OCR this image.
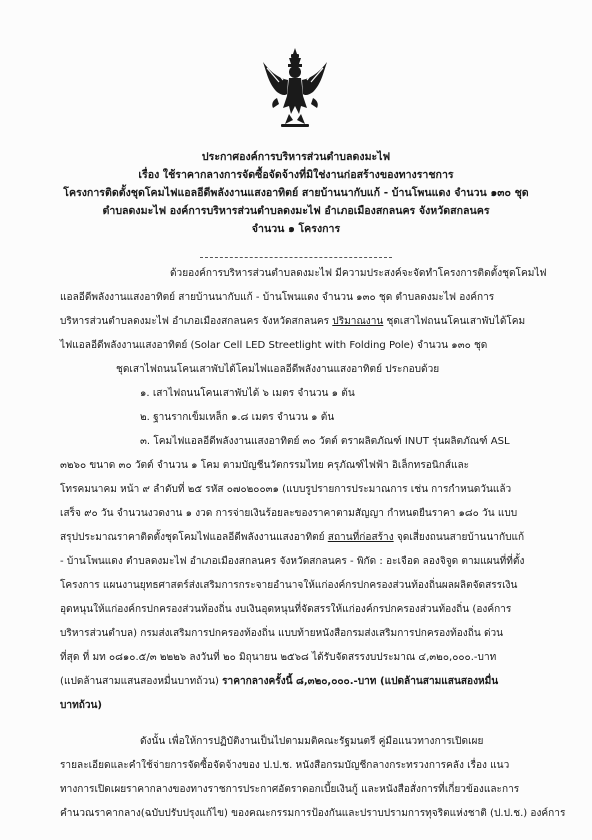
ประกาศองค์การบริหารส่วนตำบลดงมะไฟ
เรื่อง ใช้ราคากลางการจัดซื้อจัดจ้างที่มิใช่งานก่อสร้างของทางราชการ
โครงการติดตั้งชุดโคมไฟแอลอีดีพลังงานแสงอาทิตย์ สายบ้านนากับแก้ - บ้านโพนแดง จำนวน ๑๓๐ ชุด
ตำบลดงมะไฟ องค์การบริหารส่วนตำบลดงมะไฟ อำเภอเมืองสกลนคร จังหวัดสกลนคร
จำนวน ๑ โครงการ
ด้วยองค์การบริหารส่วนตำบลดงมะไฟ มีความประสงค์จะจัดทำโครงการติดตั้งชุดโคมไฟ
แอลอีดีพลังงานแสงอาทิตย์ สายบ้านนากับแก้ - บ้านโพนแดง จำนวน ๑๓๐ ชุด ตำบลดงมะไฟ องค์การ
บริหารส่วนตำบลดงมะไฟ อำเภอเมืองสกลนคร จังหวัดสกลนคร ปริมาณงาน ชุดเสาไฟถนนโคนเสาพับได้โคม
ไฟแอลอีดีพลังงานแสงอาทิตย์ (Solar Cell LED Streetlight with Folding Pole) จำนวน ๑๓๐ ชุด
ชุดเสาไฟถนนโคนเสาพับได้โคมไฟแอลอีดีพลังงานแสงอาทิตย์ ประกอบด้วย
๑. เสาไฟถนนโคนเสาพับได้ ๖ เมตร จำนวน ๑ ต้น
๒. ฐานรากเข็มเหล็ก ๑.๘ เมตร จำนวน ๑ ต้น
๓. โคมไฟแอลอีดีพลังงานแสงอาทิตย์ ๓๐ วัตต์ ตราผลิตภัณฑ์ INUT รุ่นผลิตภัณฑ์ ASL
๓๒๖๐ ขนาด ๓๐ วัตต์ จำนวน ๑ โคม ตามบัญชีนวัตกรรมไทย ครุภัณฑ์ไฟฟ้า อิเล็กทรอนิกส์และ
โทรคมนาคม หน้า ๙ ลำดับที่ ๒๕ รหัส ๐๗๐๒๐๐๓๑ (แบบรูปรายการประมาณการ เช่น การกำหนดวันแล้ว
เสร็จ ๙๐ วัน จำนวนงวดงาน ๑ งวด การจ่ายเงินร้อยละของราคาตามสัญญา กำหนดยืนราคา ๑๘๐ วัน แบบ
สรุปประมาณราคาติดตั้งชุดโคมไฟแอลอีดีพลังงานแสงอาทิตย์ สถานที่ก่อสร้าง จุดเสี่ยงถนนสายบ้านนากับแก้
- บ้านโพนแดง ตำบลดงมะไฟ อำเภอเมืองสกลนคร จังหวัดสกลนคร - พิกัด : อะเจือด ลองจิจูด ตามแผนที่ที่ตั้ง
โครงการ แผนงานยุทธศาสตร์ส่งเสริมการกระจายอำนาจให้แก่องค์กรปกครองส่วนท้องถิ่นผลผลิตจัดสรรเงิน
อุดหนุนให้แก่องค์กรปกครองส่วนท้องถิ่น งบเงินอุดหนุนที่จัดสรรให้แก่องค์กรปกครองส่วนท้องถิ่น (องค์การ
บริหารส่วนตำบล) กรมส่งเสริมการปกครองท้องถิ่น แบบท้ายหนังสือกรมส่งเสริมการปกครองท้องถิ่น ด่วน
ที่สุด ที่ มท ๐๘๑๐.๕/๓ ๒๒๒๖ ลงวันที่ ๒๐ มิถุนายน ๒๕๖๘ ได้รับจัดสรรงบประมาณ ๔,๓๒๐,๐๐๐.-บาท
(แปดล้านสามแสนสองหมื่นบาทถ้วน) ราคากลางครั้งนี้ ๘,๓๒๐,๐๐๐.-บาท (แปดล้านสามแสนสองหมื่น
บาทถ้วน)
ดังนั้น เพื่อให้การปฏิบัติงานเป็นไปตามมติคณะรัฐมนตรี คู่มือแนวทางการเปิดเผย
รายละเอียดและคำใช้จ่ายการจัดซื้อจัดจ้างของ ป.ป.ช. หนังสือกรมบัญชีกลางกระทรวงการคลัง เรื่อง แนว
ทางการเปิดเผยราคากลางของทางราชการประกาศอัตราดอกเบี้ยเงินกู้ และหนังสือสั่งการที่เกี่ยวข้องและการ
คำนวณราคากลาง(ฉบับปรับปรุงแก้ไข) ของคณะกรรมการป้องกันและปราบปรามการทุจริตแห่งชาติ (ป.ป.ช.) องค์การ
